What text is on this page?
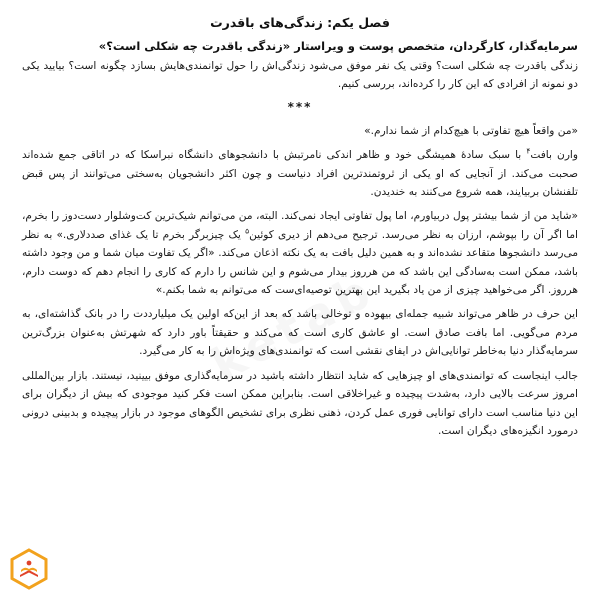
فصل یکم: زندگی‌های باقدرت
سرمایه‌گذار، کارگردان، متخصص پوست و ویراستار «زندگی باقدرت چه شکلی است؟»

زندگی باقدرت چه شکلی است؟ وقتی یک نفر موفق می‌شود زندگی‌اش را حول توانمندی‌هایش بسازد چگونه است؟ بیایید یکی دو نمونه از افرادی که این کار را کرده‌اند، بررسی کنیم.

***

«من واقعاً هیچ تفاوتی با هیچ‌کدام از شما ندارم.»

وارن بافت$^۴$ با سبک سادهٔ همیشگی خود و ظاهر اندکی نامرتبش با دانشجوهای دانشگاه نبراسکا که در اتاقی جمع شده‌اند صحبت می‌کند. از آنجایی که او یکی از ثروتمندترین افراد دنیاست و چون اکثر دانشجویان به‌سختی می‌توانند از پس قبض تلفنشان بربیایند، همه شروع می‌کنند به خندیدن.

«شاید من از شما بیشتر پول دربیاورم، اما پول تفاوتی ایجاد نمی‌کند. البته، من می‌توانم شیک‌ترین کت‌وشلوار دست‌دوز را بخرم، اما اگر آن را بپوشم، ارزان به نظر می‌رسد. ترجیح می‌دهم از دیری کوئین$^۵$ یک چیزبرگر بخرم تا یک غذای صددلاری.» به نظر می‌رسد دانشجوها متقاعد نشده‌اند و به همین دلیل بافت به یک نکته اذعان می‌کند. «اگر یک تفاوت میان شما و من وجود داشته باشد، ممکن است به‌سادگی این باشد که من هرروز بیدار می‌شوم و این شانس را دارم که کاری را انجام دهم که دوست دارم، هرروز. اگر می‌خواهید چیزی از من یاد بگیرید این بهترین توصیه‌ای‌ست که می‌توانم به شما بکنم.»

این حرف در ظاهر می‌تواند شبیه جمله‌ای بیهوده و توخالی باشد که بعد از این‌که اولین یک میلیارددت را در بانک گذاشته‌ای، به مردم می‌گویی. اما بافت صادق است. او عاشق کاری است که می‌کند و حقیقتاً باور دارد که شهرتش به‌عنوان بزرگ‌ترین سرمایه‌گذار دنیا به‌خاطر توانایی‌اش در ایفای نقشی است که توانمندی‌های ویژه‌اش را به کار می‌گیرد.

جالب اینجاست که توانمندی‌های او چیزهایی که شاید انتظار داشته باشید در سرمایه‌گذاری موفق بیینید، نیستند. بازار بین‌المللی امروز سرعت بالایی دارد، به‌شدت پیچیده و غیراخلاقی است. بنابراین ممکن است فکر کنید موجودی که بیش از دیگران برای این دنیا مناسب است دارای توانایی فوری عمل کردن، ذهنی نظری برای تشخیص الگوهای موجود در بازار پیچیده و بدبینی درونی درمورد انگیزه‌های دیگران است.
